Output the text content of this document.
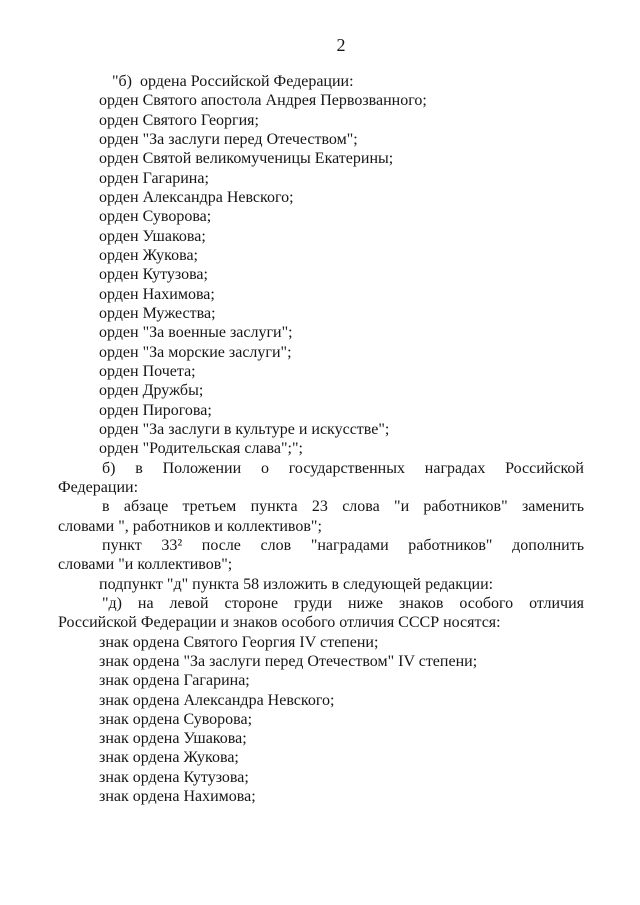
2
"б)  ордена Российской Федерации:
орден Святого апостола Андрея Первозванного;
орден Святого Георгия;
орден "За заслуги перед Отечеством";
орден Святой великомученицы Екатерины;
орден Гагарина;
орден Александра Невского;
орден Суворова;
орден Ушакова;
орден Жукова;
орден Кутузова;
орден Нахимова;
орден Мужества;
орден "За военные заслуги";
орден "За морские заслуги";
орден Почета;
орден Дружбы;
орден Пирогова;
орден "За заслуги в культуре и искусстве";
орден "Родительская слава";";
б) в Положении о государственных наградах Российской
Федерации:
в абзаце третьем пункта 23 слова "и работников" заменить
словами ", работников и коллективов";
пункт 33² после слов "наградами работников" дополнить
словами "и коллективов";
подпункт "д" пункта 58 изложить в следующей редакции:
"д) на левой стороне груди ниже знаков особого отличия
Российской Федерации и знаков особого отличия СССР носятся:
знак ордена Святого Георгия IV степени;
знак ордена "За заслуги перед Отечеством" IV степени;
знак ордена Гагарина;
знак ордена Александра Невского;
знак ордена Суворова;
знак ордена Ушакова;
знак ордена Жукова;
знак ордена Кутузова;
знак ордена Нахимова;
